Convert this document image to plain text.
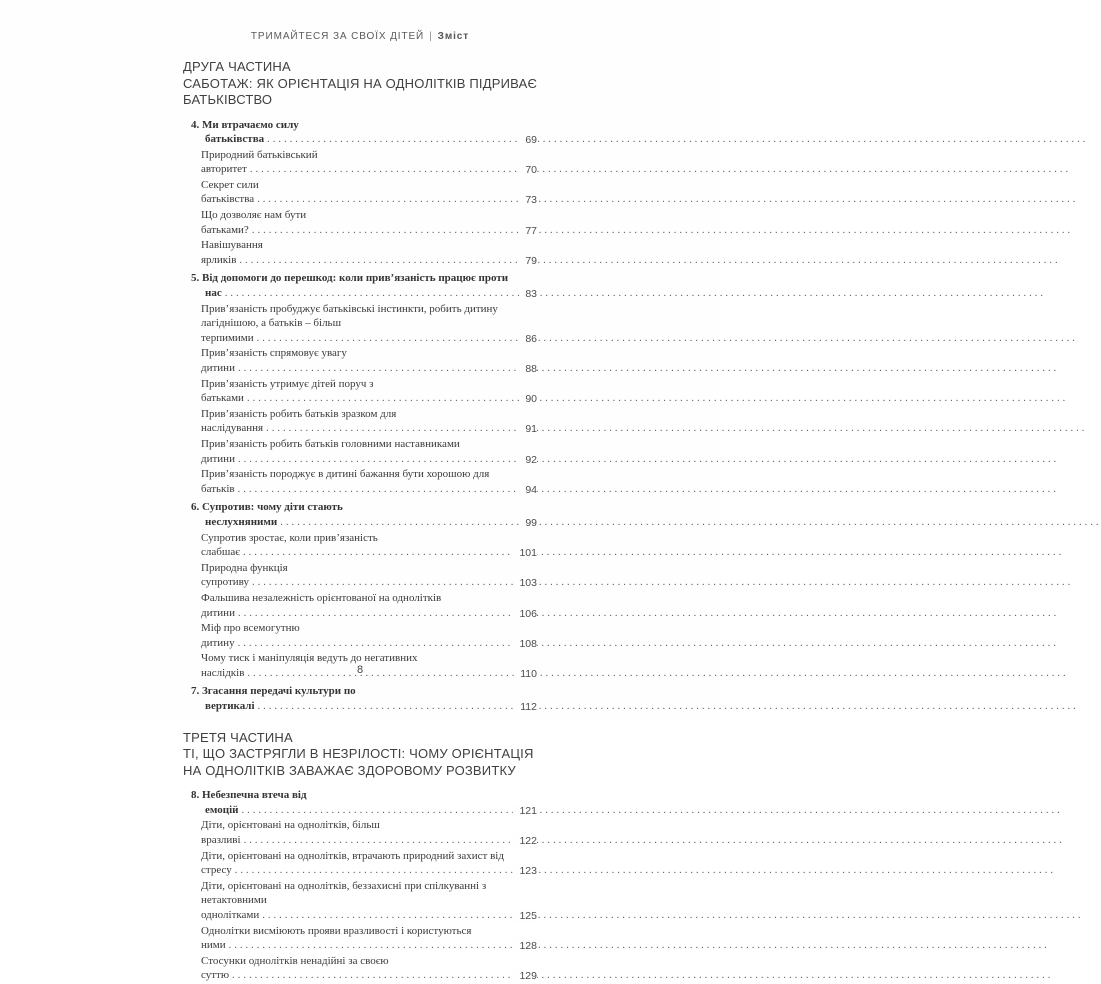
ТРИМАЙТЕСЯ ЗА СВОЇХ ДІТЕЙ | Зміст
ДРУГА ЧАСТИНА
САБОТАЖ: ЯК ОРІЄНТАЦІЯ НА ОДНОЛІТКІВ ПІДРИВАЄ БАТЬКІВСТВО
4. Ми втрачаємо силу батьківства .....	69
Природний батьківський авторитет .....	70
Секрет сили батьківства .....	73
Що дозволяє нам бути батьками? .....	77
Навішування ярликів .....	79
5. Від допомоги до перешкод: коли прив’язаність працює проти нас .....	83
Прив’язаність пробуджує батьківські інстинкти, робить дитину лагіднішою, а батьків – більш терпимими .....	86
Прив’язаність спрямовує увагу дитини .....	88
Прив’язаність утримує дітей поруч з батьками .....	90
Прив’язаність робить батьків зразком для наслідування .....	91
Прив’язаність робить батьків головними наставниками дитини .....	92
Прив’язаність породжує в дитині бажання бути хорошою для батьків .....	94
6. Супротив: чому діти стають неслухняними .....	99
Супротив зростає, коли прив’язаність слабшає .....	101
Природна функція супротиву .....	103
Фальшива незалежність орієнтованої на однолітків дитини .....	106
Міф про всемогутню дитину .....	108
Чому тиск і маніпуляція ведуть до негативних наслідків .....	110
7. Згасання передачі культури по вертикалі .....	112
ТРЕТЯ ЧАСТИНА
ТІ, ЩО ЗАСТРЯГЛИ В НЕЗРІЛОСТІ: ЧОМУ ОРІЄНТАЦІЯ НА ОДНОЛІТКІВ ЗАВАЖАЄ ЗДОРОВОМУ РОЗВИТКУ
8. Небезпечна втеча від емоцій .....	121
Діти, орієнтовані на однолітків, більш вразливі .....	122
Діти, орієнтовані на однолітків, втрачають природний захист від стресу .....	123
Діти, орієнтовані на однолітків, беззахисні при спілкуванні з нетактовними однолітками .....	125
Однолітки висміюють прояви вразливості і користуються ними .....	128
Стосунки однолітків ненадійні за своєю суттю .....	129
8
